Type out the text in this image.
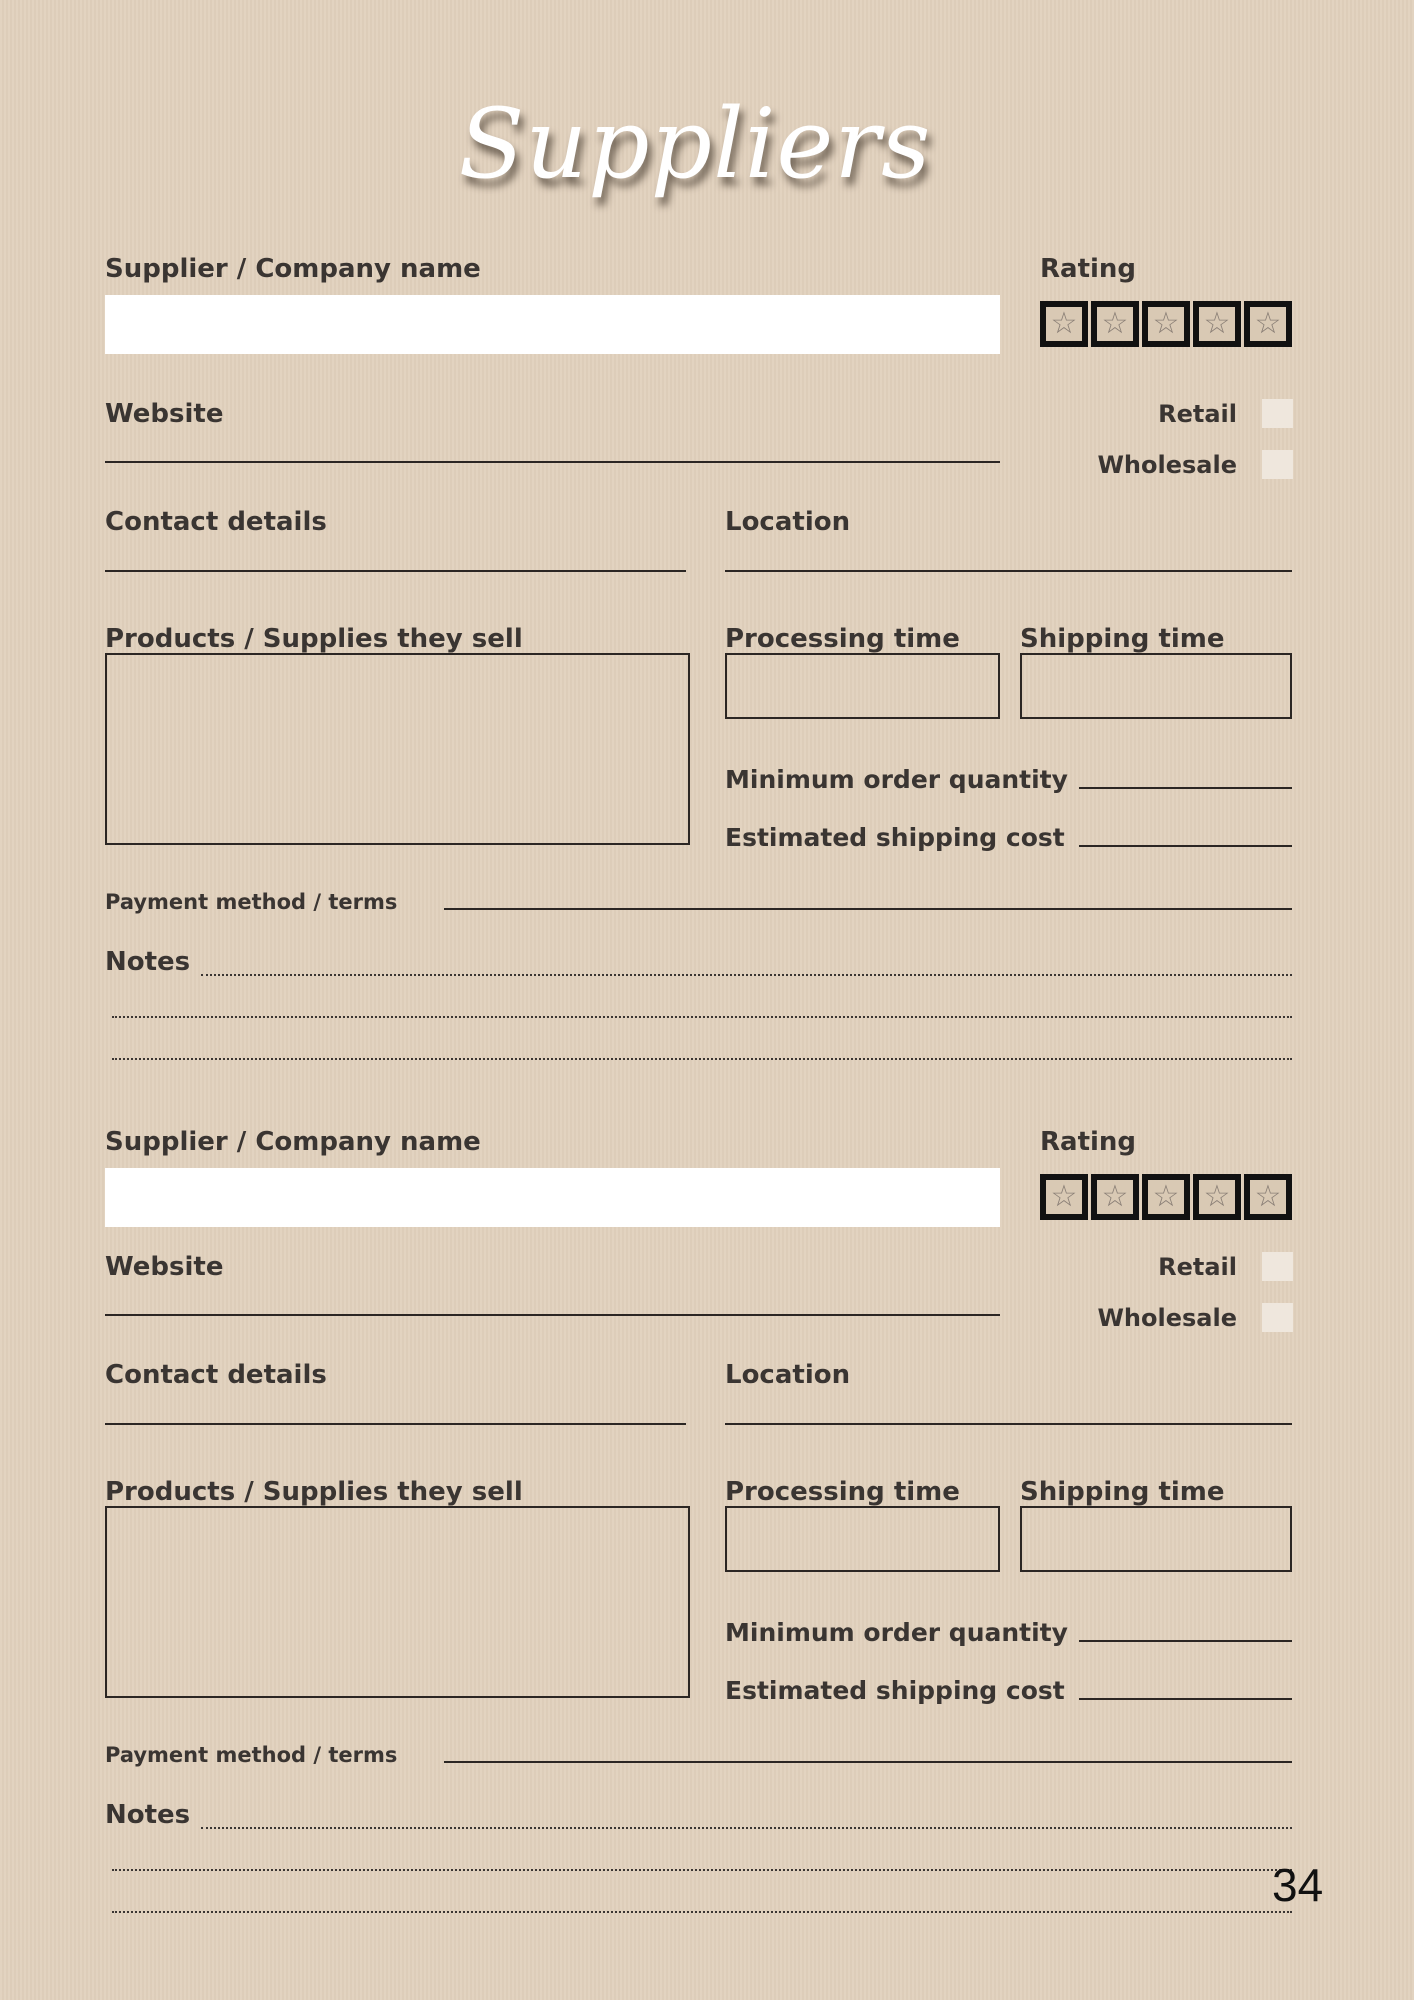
Suppliers
Supplier / Company name	Rating
☆ ☆ ☆ ☆ ☆
Website	Retail
Wholesale
Contact details	Location
Products / Supplies they sell	Processing time Shipping time
Minimum order quantity
Estimated shipping cost
Payment method / terms
Notes
Supplier / Company name	Rating
☆ ☆ ☆ ☆ ☆
Website	Retail
Wholesale
Contact details	Location
Products / Supplies they sell	Processing time Shipping time
Minimum order quantity
Estimated shipping cost
Payment method / terms
Notes
34
